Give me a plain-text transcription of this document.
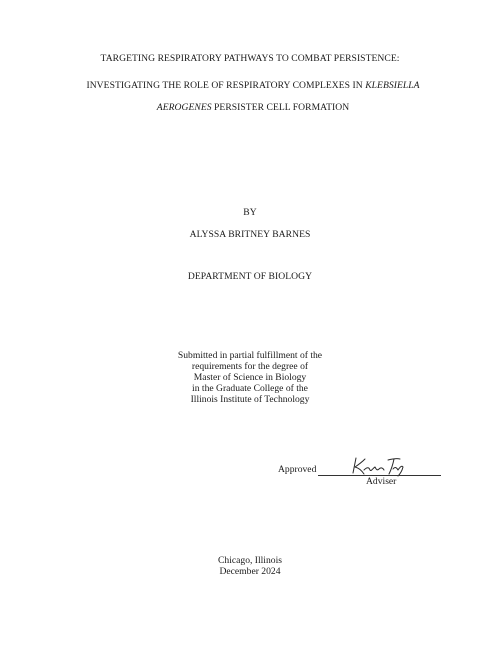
TARGETING RESPIRATORY PATHWAYS TO COMBAT PERSISTENCE:
INVESTIGATING THE ROLE OF RESPIRATORY COMPLEXES IN KLEBSIELLA
AEROGENES PERSISTER CELL FORMATION
BY
ALYSSA BRITNEY BARNES
DEPARTMENT OF BIOLOGY
Submitted in partial fulfillment of the
requirements for the degree of
Master of Science in Biology
in the Graduate College of the
Illinois Institute of Technology
Approved
Adviser
Chicago, Illinois
December 2024
